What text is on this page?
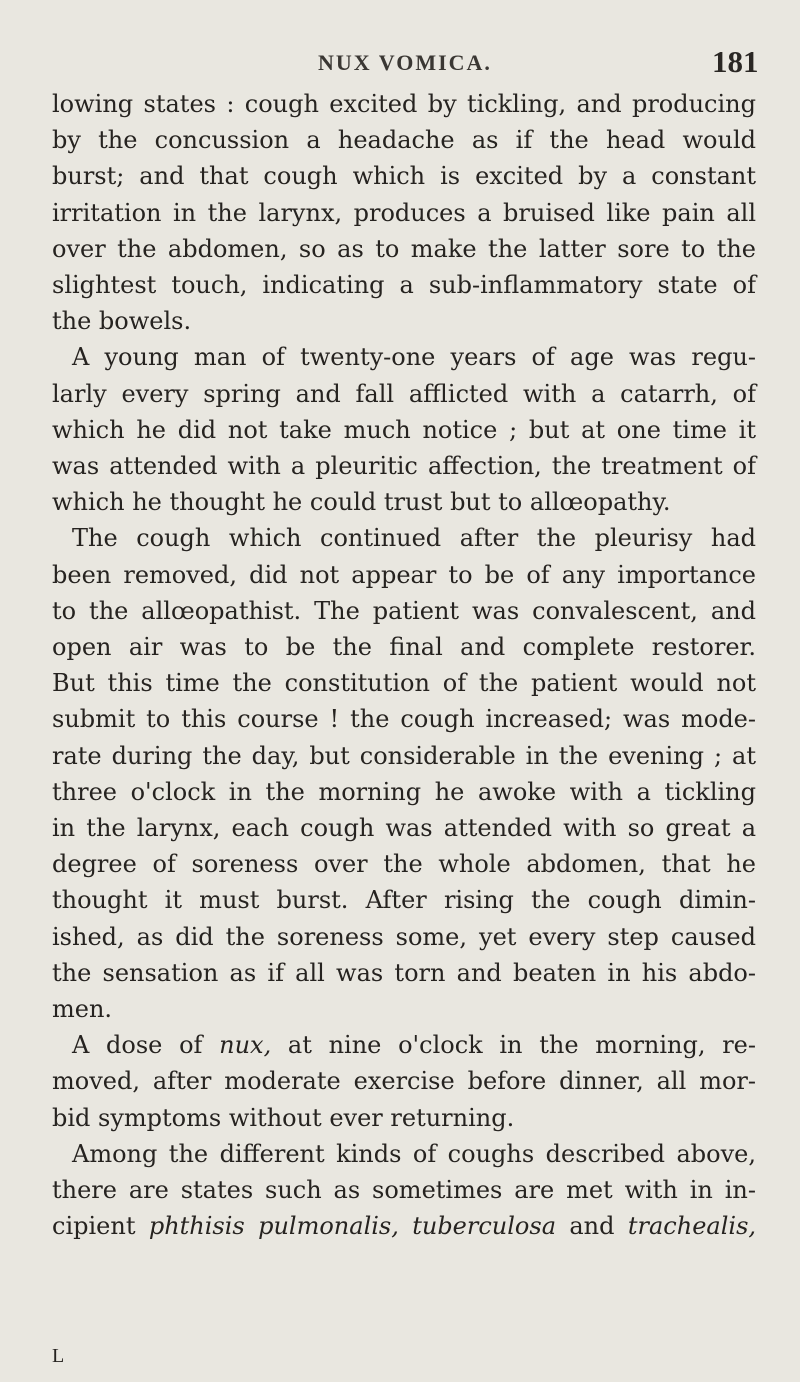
NUX VOMICA.	181

lowing states : cough excited by tickling, and producing
by the concussion a headache as if the head would
burst; and that cough which is excited by a constant
irritation in the larynx, produces a bruised like pain all
over the abdomen, so as to make the latter sore to the
slightest touch, indicating a sub-inflammatory state of
the bowels.

A young man of twenty-one years of age was regu-
larly every spring and fall afflicted with a catarrh, of
which he did not take much notice ; but at one time it
was attended with a pleuritic affection, the treatment of
which he thought he could trust but to allœopathy.

The cough which continued after the pleurisy had
been removed, did not appear to be of any importance
to the allœopathist. The patient was convalescent, and
open air was to be the final and complete restorer.
But this time the constitution of the patient would not
submit to this course ! the cough increased; was mode-
rate during the day, but considerable in the evening ; at
three o'clock in the morning he awoke with a tickling
in the larynx, each cough was attended with so great a
degree of soreness over the whole abdomen, that he
thought it must burst. After rising the cough dimin-
ished, as did the soreness some, yet every step caused
the sensation as if all was torn and beaten in his abdo-
men.

A dose of nux, at nine o'clock in the morning, re-
moved, after moderate exercise before dinner, all mor-
bid symptoms without ever returning.

Among the different kinds of coughs described above,
there are states such as sometimes are met with in in-
cipient phthisis pulmonalis, tuberculosa and trachealis,

L
